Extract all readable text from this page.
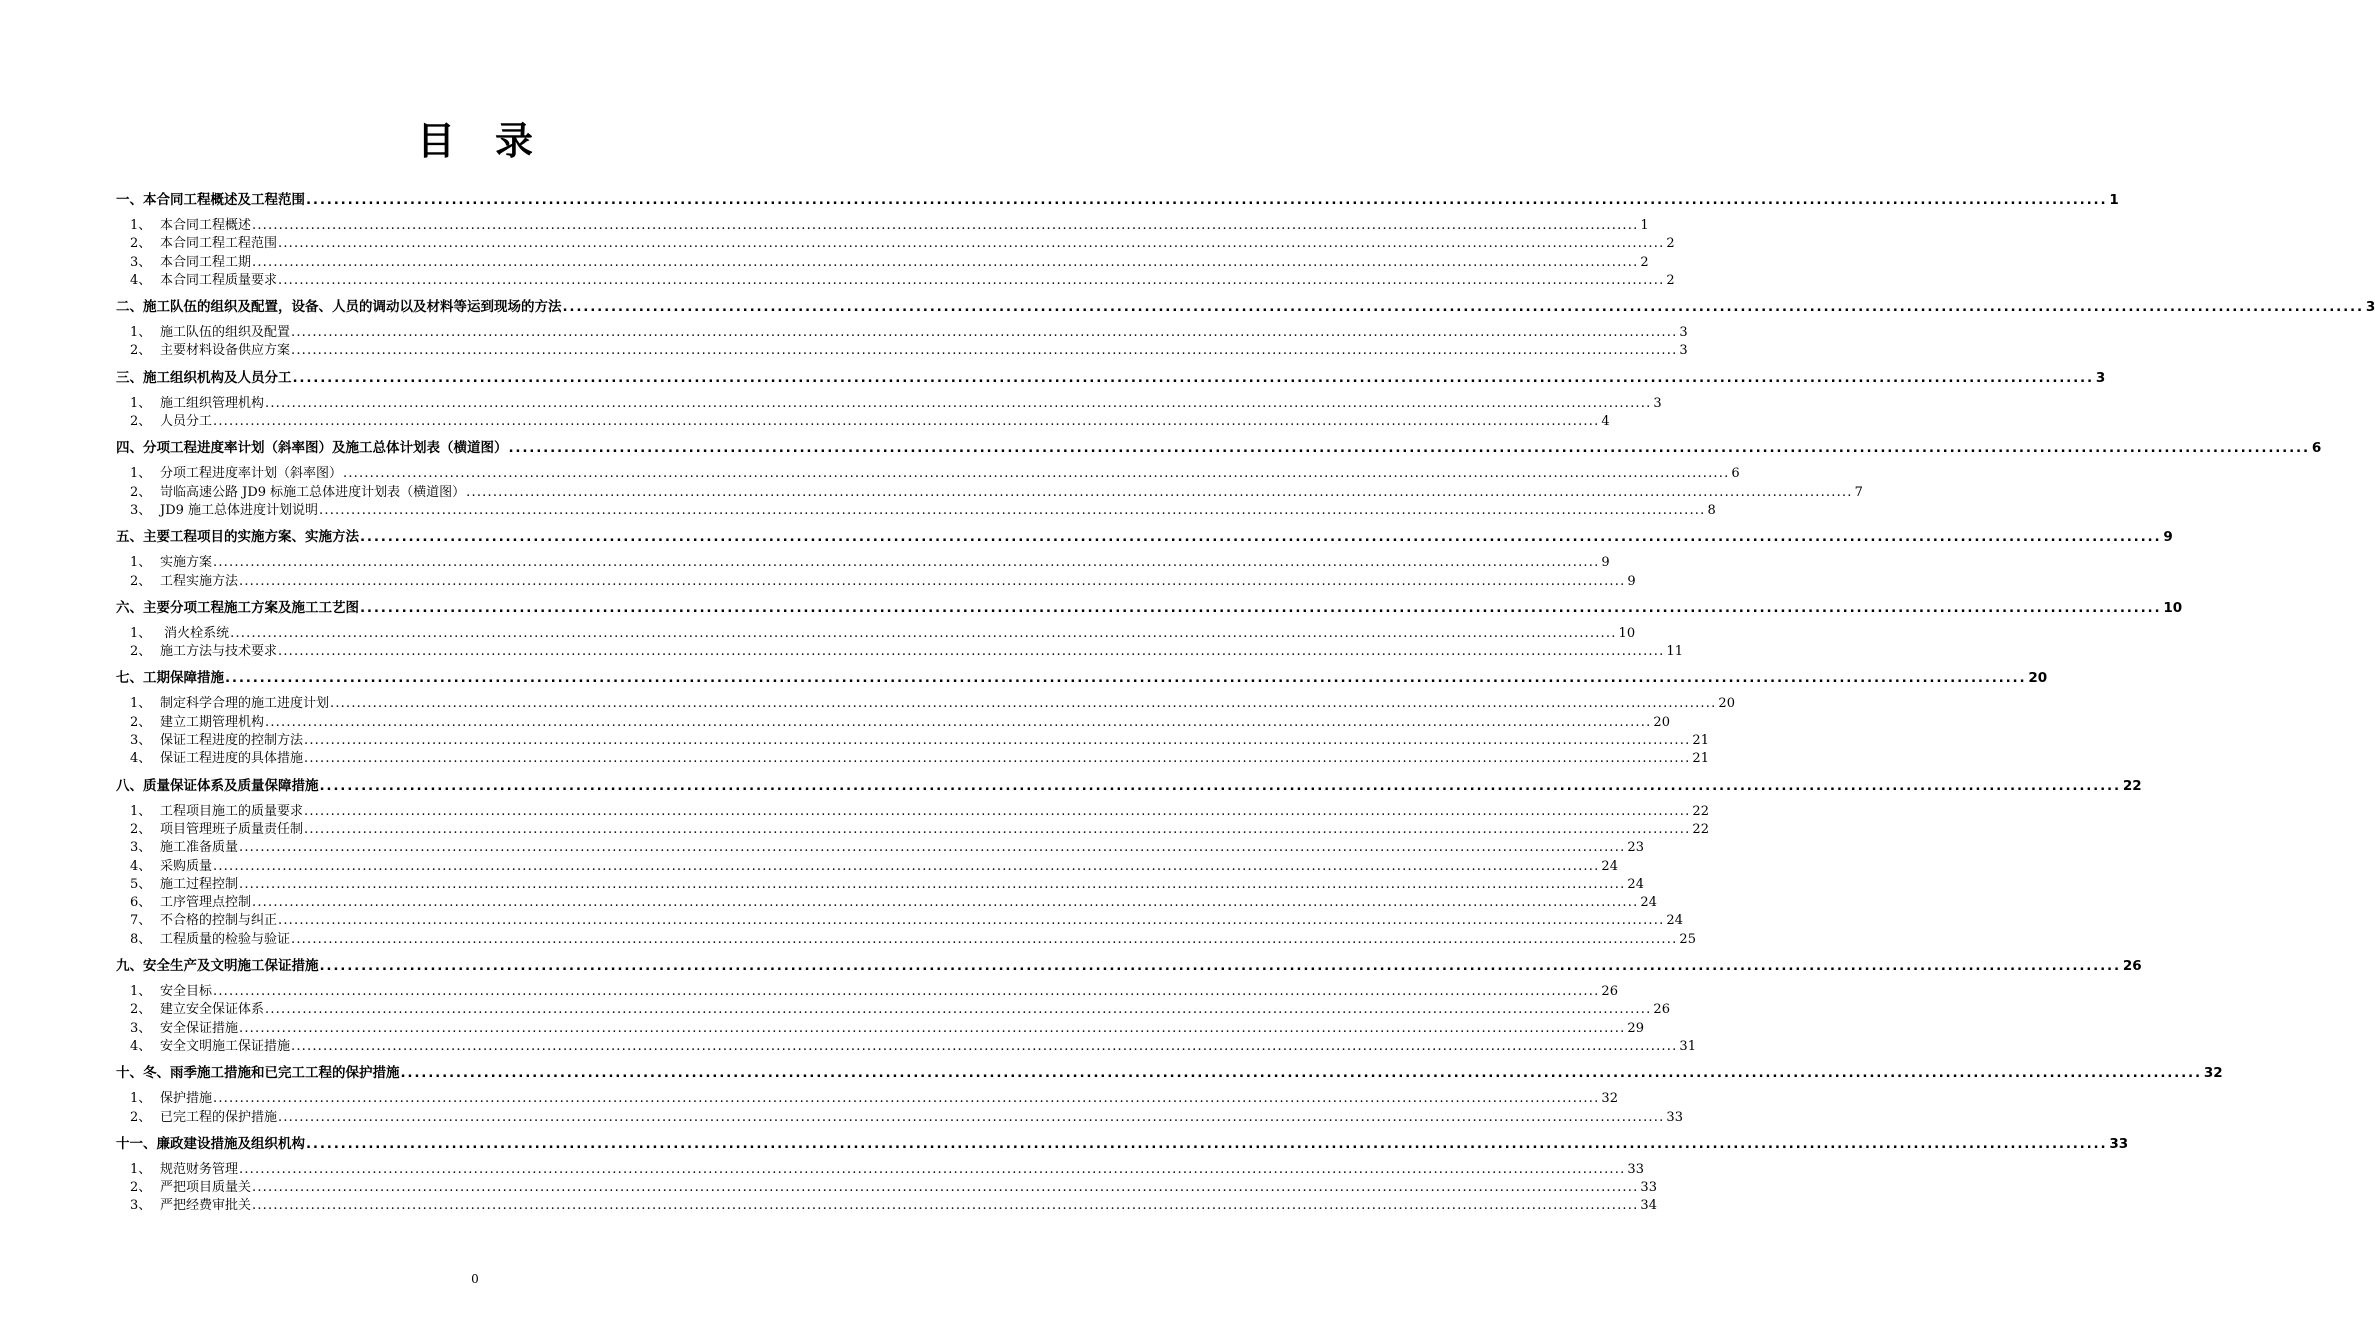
目 录
一、 本合同工程概述及工程范围 .................................................................................................................................................................................................................................................................... 1
1、 本合同工程概述 .................................................................................................................................................................................................................................................................... 1
2、 本合同工程工程范围 .................................................................................................................................................................................................................................................................... 2
3、 本合同工程工期 .................................................................................................................................................................................................................................................................... 2
4、 本合同工程质量要求 .................................................................................................................................................................................................................................................................... 2
二、 施工队伍的组织及配置，设备、人员的调动以及材料等运到现场的方法 .................................................................................................................................................................................................................................................................... 3
1、 施工队伍的组织及配置 .................................................................................................................................................................................................................................................................... 3
2、 主要材料设备供应方案 .................................................................................................................................................................................................................................................................... 3
三、 施工组织机构及人员分工 .................................................................................................................................................................................................................................................................... 3
1、 施工组织管理机构 .................................................................................................................................................................................................................................................................... 3
2、 人员分工 .................................................................................................................................................................................................................................................................... 4
四、 分项工程进度率计划（斜率图）及施工总体计划表（横道图） .................................................................................................................................................................................................................................................................... 6
1、 分项工程进度率计划（斜率图） .................................................................................................................................................................................................................................................................... 6
2、 岢临高速公路 JD9 标施工总体进度计划表（横道图） .................................................................................................................................................................................................................................................................... 7
3、 JD9 施工总体进度计划说明 .................................................................................................................................................................................................................................................................... 8
五、 主要工程项目的实施方案、实施方法 .................................................................................................................................................................................................................................................................... 9
1、 实施方案 .................................................................................................................................................................................................................................................................... 9
2、 工程实施方法 .................................................................................................................................................................................................................................................................... 9
六、 主要分项工程施工方案及施工工艺图 .................................................................................................................................................................................................................................................................... 10
1、 消火栓系统 .................................................................................................................................................................................................................................................................... 10
2、 施工方法与技术要求 .................................................................................................................................................................................................................................................................... 11
七、 工期保障措施 .................................................................................................................................................................................................................................................................... 20
1、 制定科学合理的施工进度计划 .................................................................................................................................................................................................................................................................... 20
2、 建立工期管理机构 .................................................................................................................................................................................................................................................................... 20
3、 保证工程进度的控制方法 .................................................................................................................................................................................................................................................................... 21
4、 保证工程进度的具体措施 .................................................................................................................................................................................................................................................................... 21
八、 质量保证体系及质量保障措施 .................................................................................................................................................................................................................................................................... 22
1、 工程项目施工的质量要求 .................................................................................................................................................................................................................................................................... 22
2、 项目管理班子质量责任制 .................................................................................................................................................................................................................................................................... 22
3、 施工准备质量 .................................................................................................................................................................................................................................................................... 23
4、 采购质量 .................................................................................................................................................................................................................................................................... 24
5、 施工过程控制 .................................................................................................................................................................................................................................................................... 24
6、 工序管理点控制 .................................................................................................................................................................................................................................................................... 24
7、 不合格的控制与纠正 .................................................................................................................................................................................................................................................................... 24
8、 工程质量的检验与验证 .................................................................................................................................................................................................................................................................... 25
九、 安全生产及文明施工保证措施 .................................................................................................................................................................................................................................................................... 26
1、 安全目标 .................................................................................................................................................................................................................................................................... 26
2、 建立安全保证体系 .................................................................................................................................................................................................................................................................... 26
3、 安全保证措施 .................................................................................................................................................................................................................................................................... 29
4、 安全文明施工保证措施 .................................................................................................................................................................................................................................................................... 31
十、 冬、雨季施工措施和已完工工程的保护措施 .................................................................................................................................................................................................................................................................... 32
1、 保护措施 .................................................................................................................................................................................................................................................................... 32
2、 已完工程的保护措施 .................................................................................................................................................................................................................................................................... 33
十一、 廉政建设措施及组织机构 .................................................................................................................................................................................................................................................................... 33
1、 规范财务管理 .................................................................................................................................................................................................................................................................... 33
2、 严把项目质量关 .................................................................................................................................................................................................................................................................... 33
3、 严把经费审批关 .................................................................................................................................................................................................................................................................... 34
0
